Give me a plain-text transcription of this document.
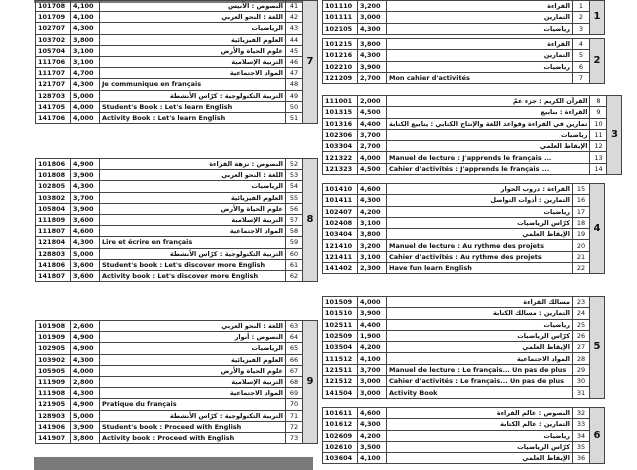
101708	4,100	النصوص : الأنيس	41	7
101709	4,100	اللغة : النحو العربي	42	
102707	4,300	الرياضيات	43	
103702	3,800	العلوم الفيزيائية	44	
105704	3,100	علوم الحياة والأرض	45	
111706	3,100	التربية الإسلامية	46	
111707	4,700	المواد الاجتماعية	47	
121707	4,300	Je communique en français	48	
128703	5,000	التربية التكنولوجية : كرّاس الأنشطة	49	
141705	4,000	Student's Book : Let's learn English	50	
141706	4,000	Activity Book : Let's learn English	51	
101806	4,900	النصوص : نزهة القراءة	52	8
101808	3,900	اللغة : النحو العربي	53	
102805	4,300	الرياضيات	54	
103802	3,700	العلوم الفيزيائية	55	
105804	3,900	علوم الحياة والأرض	56	
111809	3,600	التربية الإسلامية	57	
111807	4,600	المواد الاجتماعية	58	
121804	4,300	Lire et écrire en français	59	
128803	5,000	التربية التكنولوجية : كرّاس الأنشطة	60	
141806	3,600	Student's book : Let's discover more English	61	
141807	3,600	Activity book : Let's discover more English	62	
101908	2,600	اللغة : النحو العربي	63	9
101909	4,900	النصوص : أنوار	64	
102905	4,900	الرياضيات	65	
103902	4,300	العلوم الفيزيائية	66	
105905	4,000	علوم الحياة والأرض	67	
111909	2,800	التربية الإسلامية	68	
111908	4,300	المواد الاجتماعية	69	
121905	4,900	Pratique du français	70	
128903	5,000	التربية التكنولوجية : كرّاس الأنشطة	71	
141906	3,900	Student's book : Proceed with English	72	
141907	3,800	Activity book : Proceed with English	73	
101110	3,200	القراءة	1	1
101111	3,000	التمارين	2	
102105	4,300	رياضيات	3	
101215	3,800	القراءة	4	2
101216	4,300	التمارين	5	
102210	3,900	رياضيات	6	
121209	2,700	Mon cahier d'activités	7	
111001	2,000	القرآن الكريم : جزء عمّ	8	3
101315	4,500	القراءة : بنابيع	9	
101316	4,400	تمارين في القراءة وقواعد اللغة والإنتاج الكتابي : ينابيع الكتابة	10	
102306	3,700	رياضيات	11	
103304	2,700	الإيقاظ العلمي	12	
121322	4,000	Manuel de lecture : J'apprends le français ...	13	
121323	4,500	Cahier d'activités : J'apprends le français ...	14	
101410	4,600	القراءة : دروب الحوار	15	4
101411	4,300	التمارين : أدوات التواصل	16	
102407	4,200	رياضيات	17	
102408	3,100	كرّاس الرياضيات	18	
103404	3,800	الإيقاظ العلمي	19	
121410	3,200	Manuel de lecture : Au rythme des projets	20	
121411	3,100	Cahier d'activités : Au rythme des projets	21	
141402	2,300	Have fun learn English	22	
101509	4,000	مسالك القراءة	23	5
101510	3,900	التمارين : مسالك الكتابة	24	
102511	4,400	رياضيات	25	
102509	1,900	كرّاس الرياضيات	26	
103504	4,200	الإيقاظ العلمي	27	
111512	4,100	المواد الاجتماعية	28	
121511	3,700	Manuel de lecture : Le français... Un pas de plus	29	
121512	3,000	Cahier d'activités : Le français... Un pas de plus	30	
141504	3,000	Activity Book	31	
101611	4,600	النصوص : عالم القراءة	32	6
101612	4,300	التمارين : عالم الكتابة	33	
102609	4,200	رياضيات	34	
102610	3,500	كرّاس الرياضيات	35	
103604	4,100	الإيقاظ العلمي	36	
